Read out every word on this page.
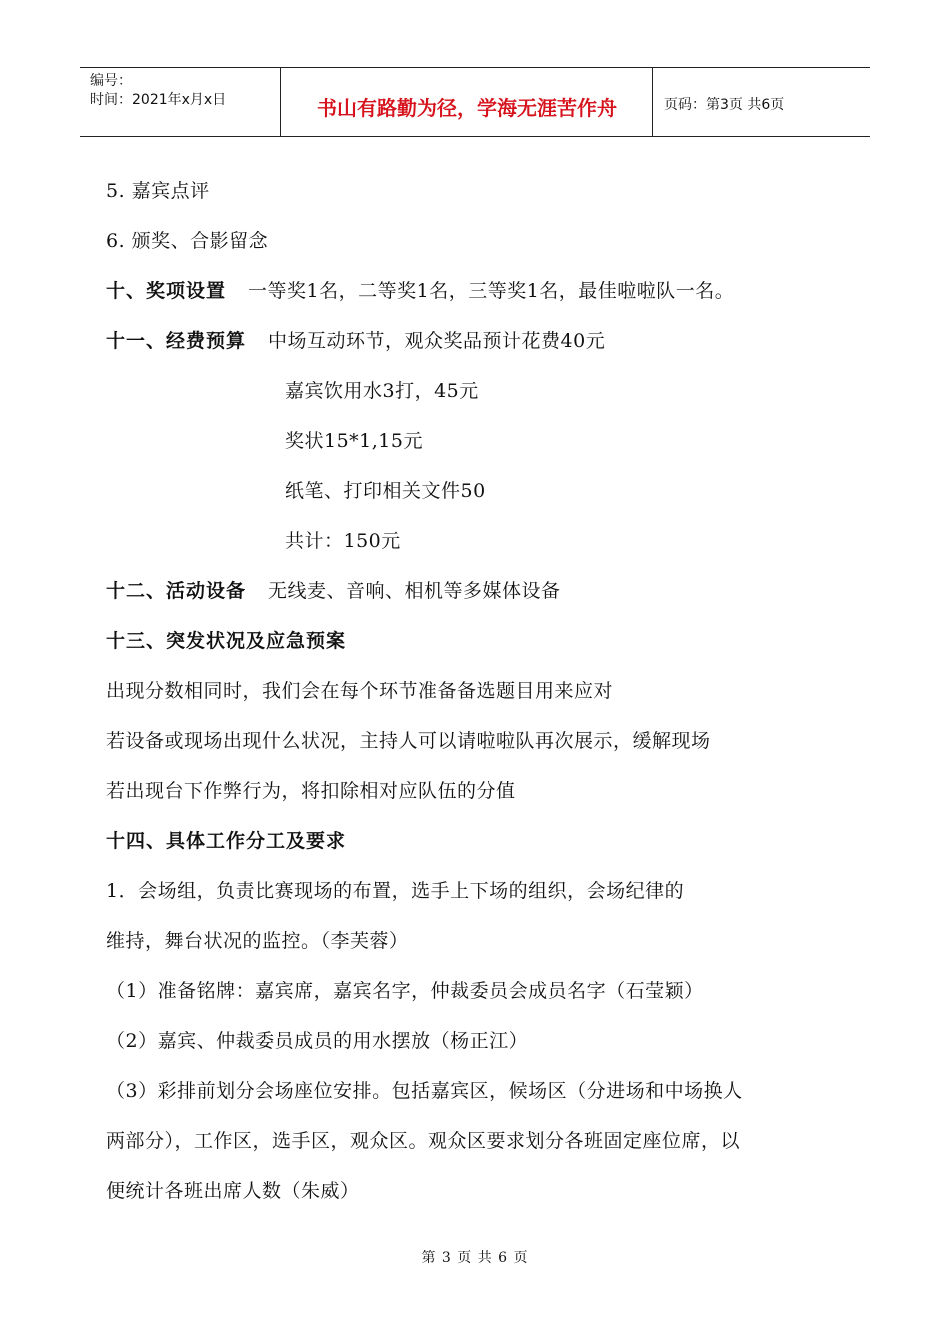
编号：
时间：2021年x月x日	书山有路勤为径，学海无涯苦作舟	页码：第3页 共6页
5. 嘉宾点评
6. 颁奖、合影留念
十、奖项设置 一等奖1名，二等奖1名，三等奖1名，最佳啦啦队一名。
十一、经费预算 中场互动环节，观众奖品预计花费40元
嘉宾饮用水3打，45元
奖状15*1,15元
纸笔、打印相关文件50
共计：150元
十二、活动设备 无线麦、音响、相机等多媒体设备
十三、突发状况及应急预案
出现分数相同时，我们会在每个环节准备备选题目用来应对
若设备或现场出现什么状况，主持人可以请啦啦队再次展示，缓解现场
若出现台下作弊行为，将扣除相对应队伍的分值
十四、具体工作分工及要求
1．会场组，负责比赛现场的布置，选手上下场的组织，会场纪律的
维持，舞台状况的监控。（李芙蓉）
（1）准备铭牌：嘉宾席，嘉宾名字，仲裁委员会成员名字（石莹颖）
（2）嘉宾、仲裁委员成员的用水摆放（杨正江）
（3）彩排前划分会场座位安排。包括嘉宾区，候场区（分进场和中场换人
两部分），工作区，选手区，观众区。观众区要求划分各班固定座位席，以
便统计各班出席人数（朱威）
第 3 页 共 6 页
